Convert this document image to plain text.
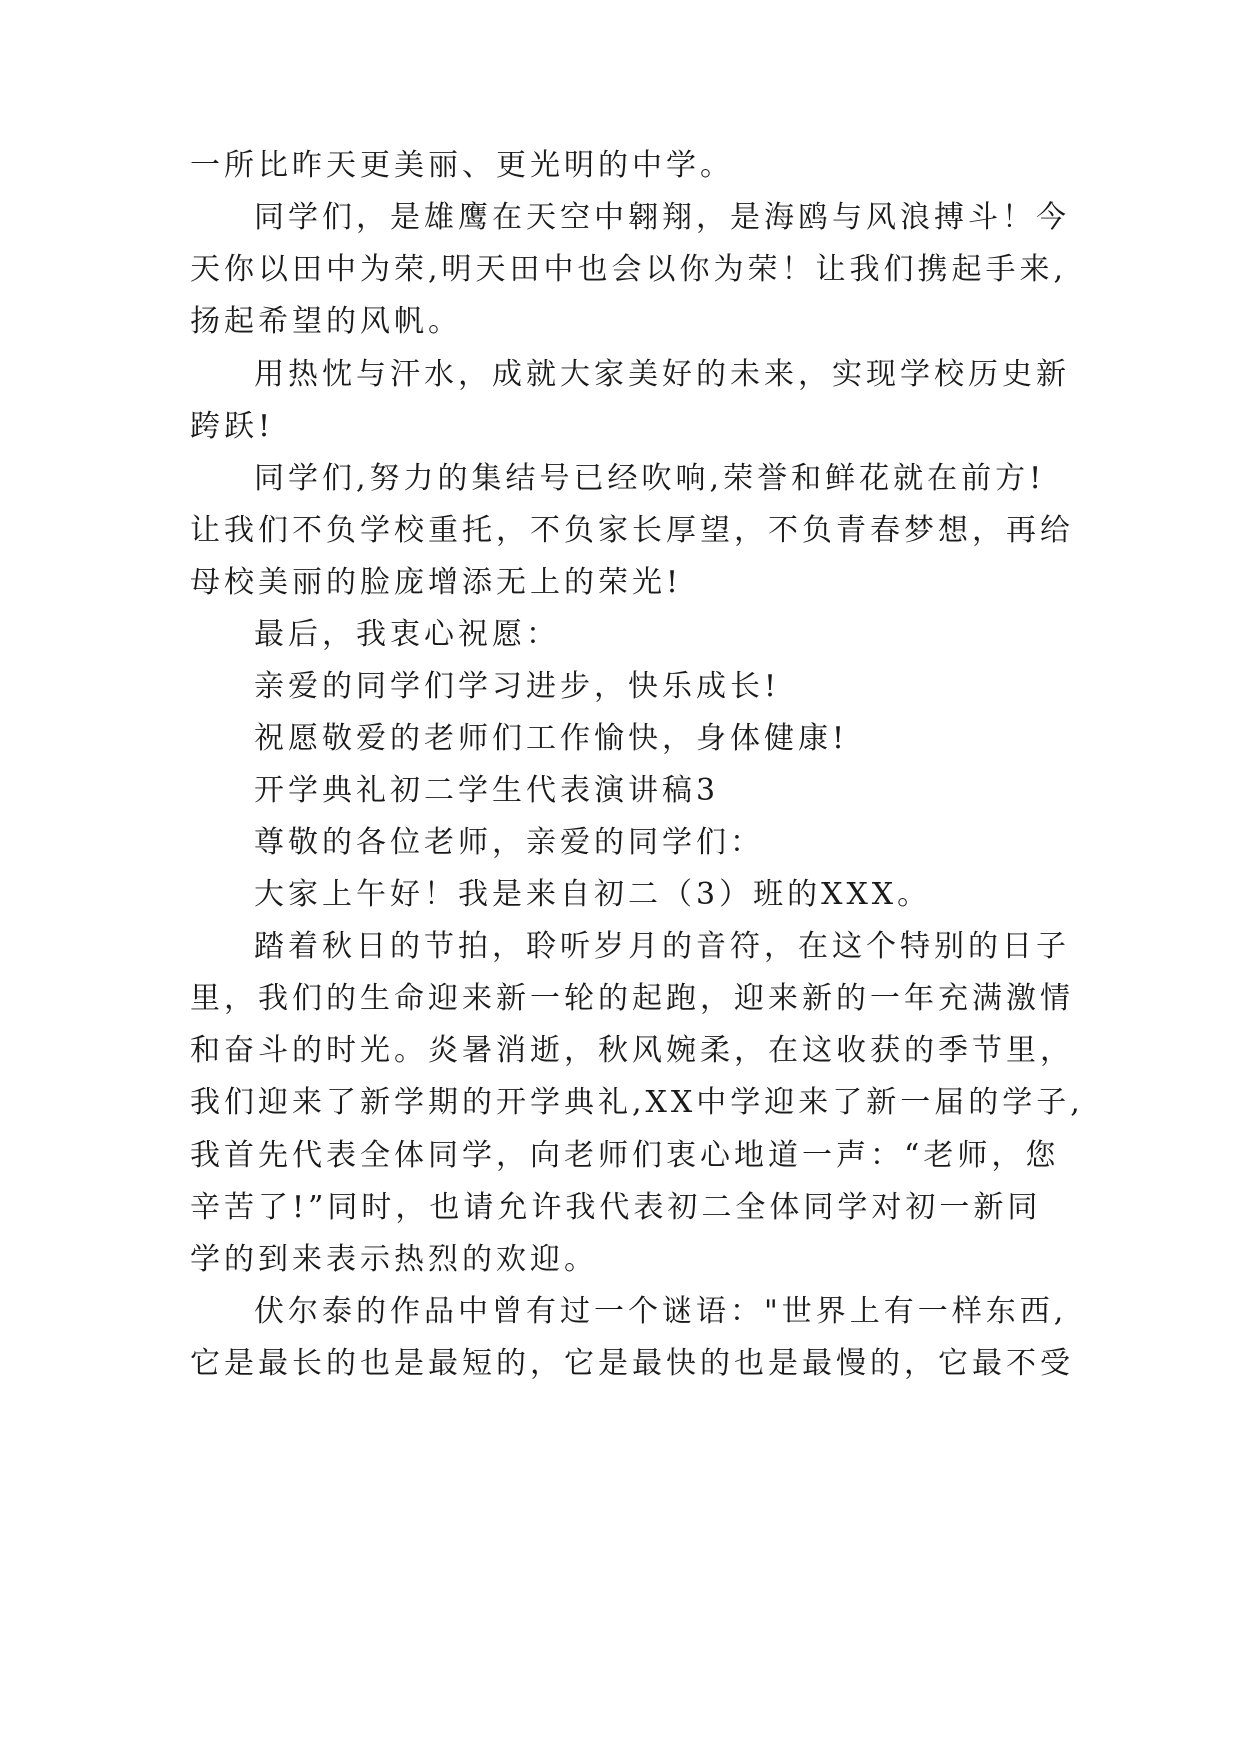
一所比昨天更美丽、更光明的中学。
同学们，是雄鹰在天空中翱翔，是海鸥与风浪搏斗！今
天你以田中为荣,明天田中也会以你为荣！让我们携起手来,
扬起希望的风帆。
用热忱与汗水，成就大家美好的未来，实现学校历史新
跨跃!
同学们,努力的集结号已经吹响,荣誉和鲜花就在前方!
让我们不负学校重托，不负家长厚望，不负青春梦想，再给
母校美丽的脸庞增添无上的荣光!
最后，我衷心祝愿：
亲爱的同学们学习进步，快乐成长!
祝愿敬爱的老师们工作愉快，身体健康!
开学典礼初二学生代表演讲稿3
尊敬的各位老师，亲爱的同学们：
大家上午好！我是来自初二（3）班的XXX。
踏着秋日的节拍，聆听岁月的音符，在这个特别的日子
里，我们的生命迎来新一轮的起跑，迎来新的一年充满激情
和奋斗的时光。炎暑消逝，秋风婉柔，在这收获的季节里，
我们迎来了新学期的开学典礼,XX中学迎来了新一届的学子,
我首先代表全体同学，向老师们衷心地道一声：“老师，您
辛苦了!”同时，也请允许我代表初二全体同学对初一新同
学的到来表示热烈的欢迎。
伏尔泰的作品中曾有过一个谜语："世界上有一样东西,
它是最长的也是最短的，它是最快的也是最慢的，它最不受
